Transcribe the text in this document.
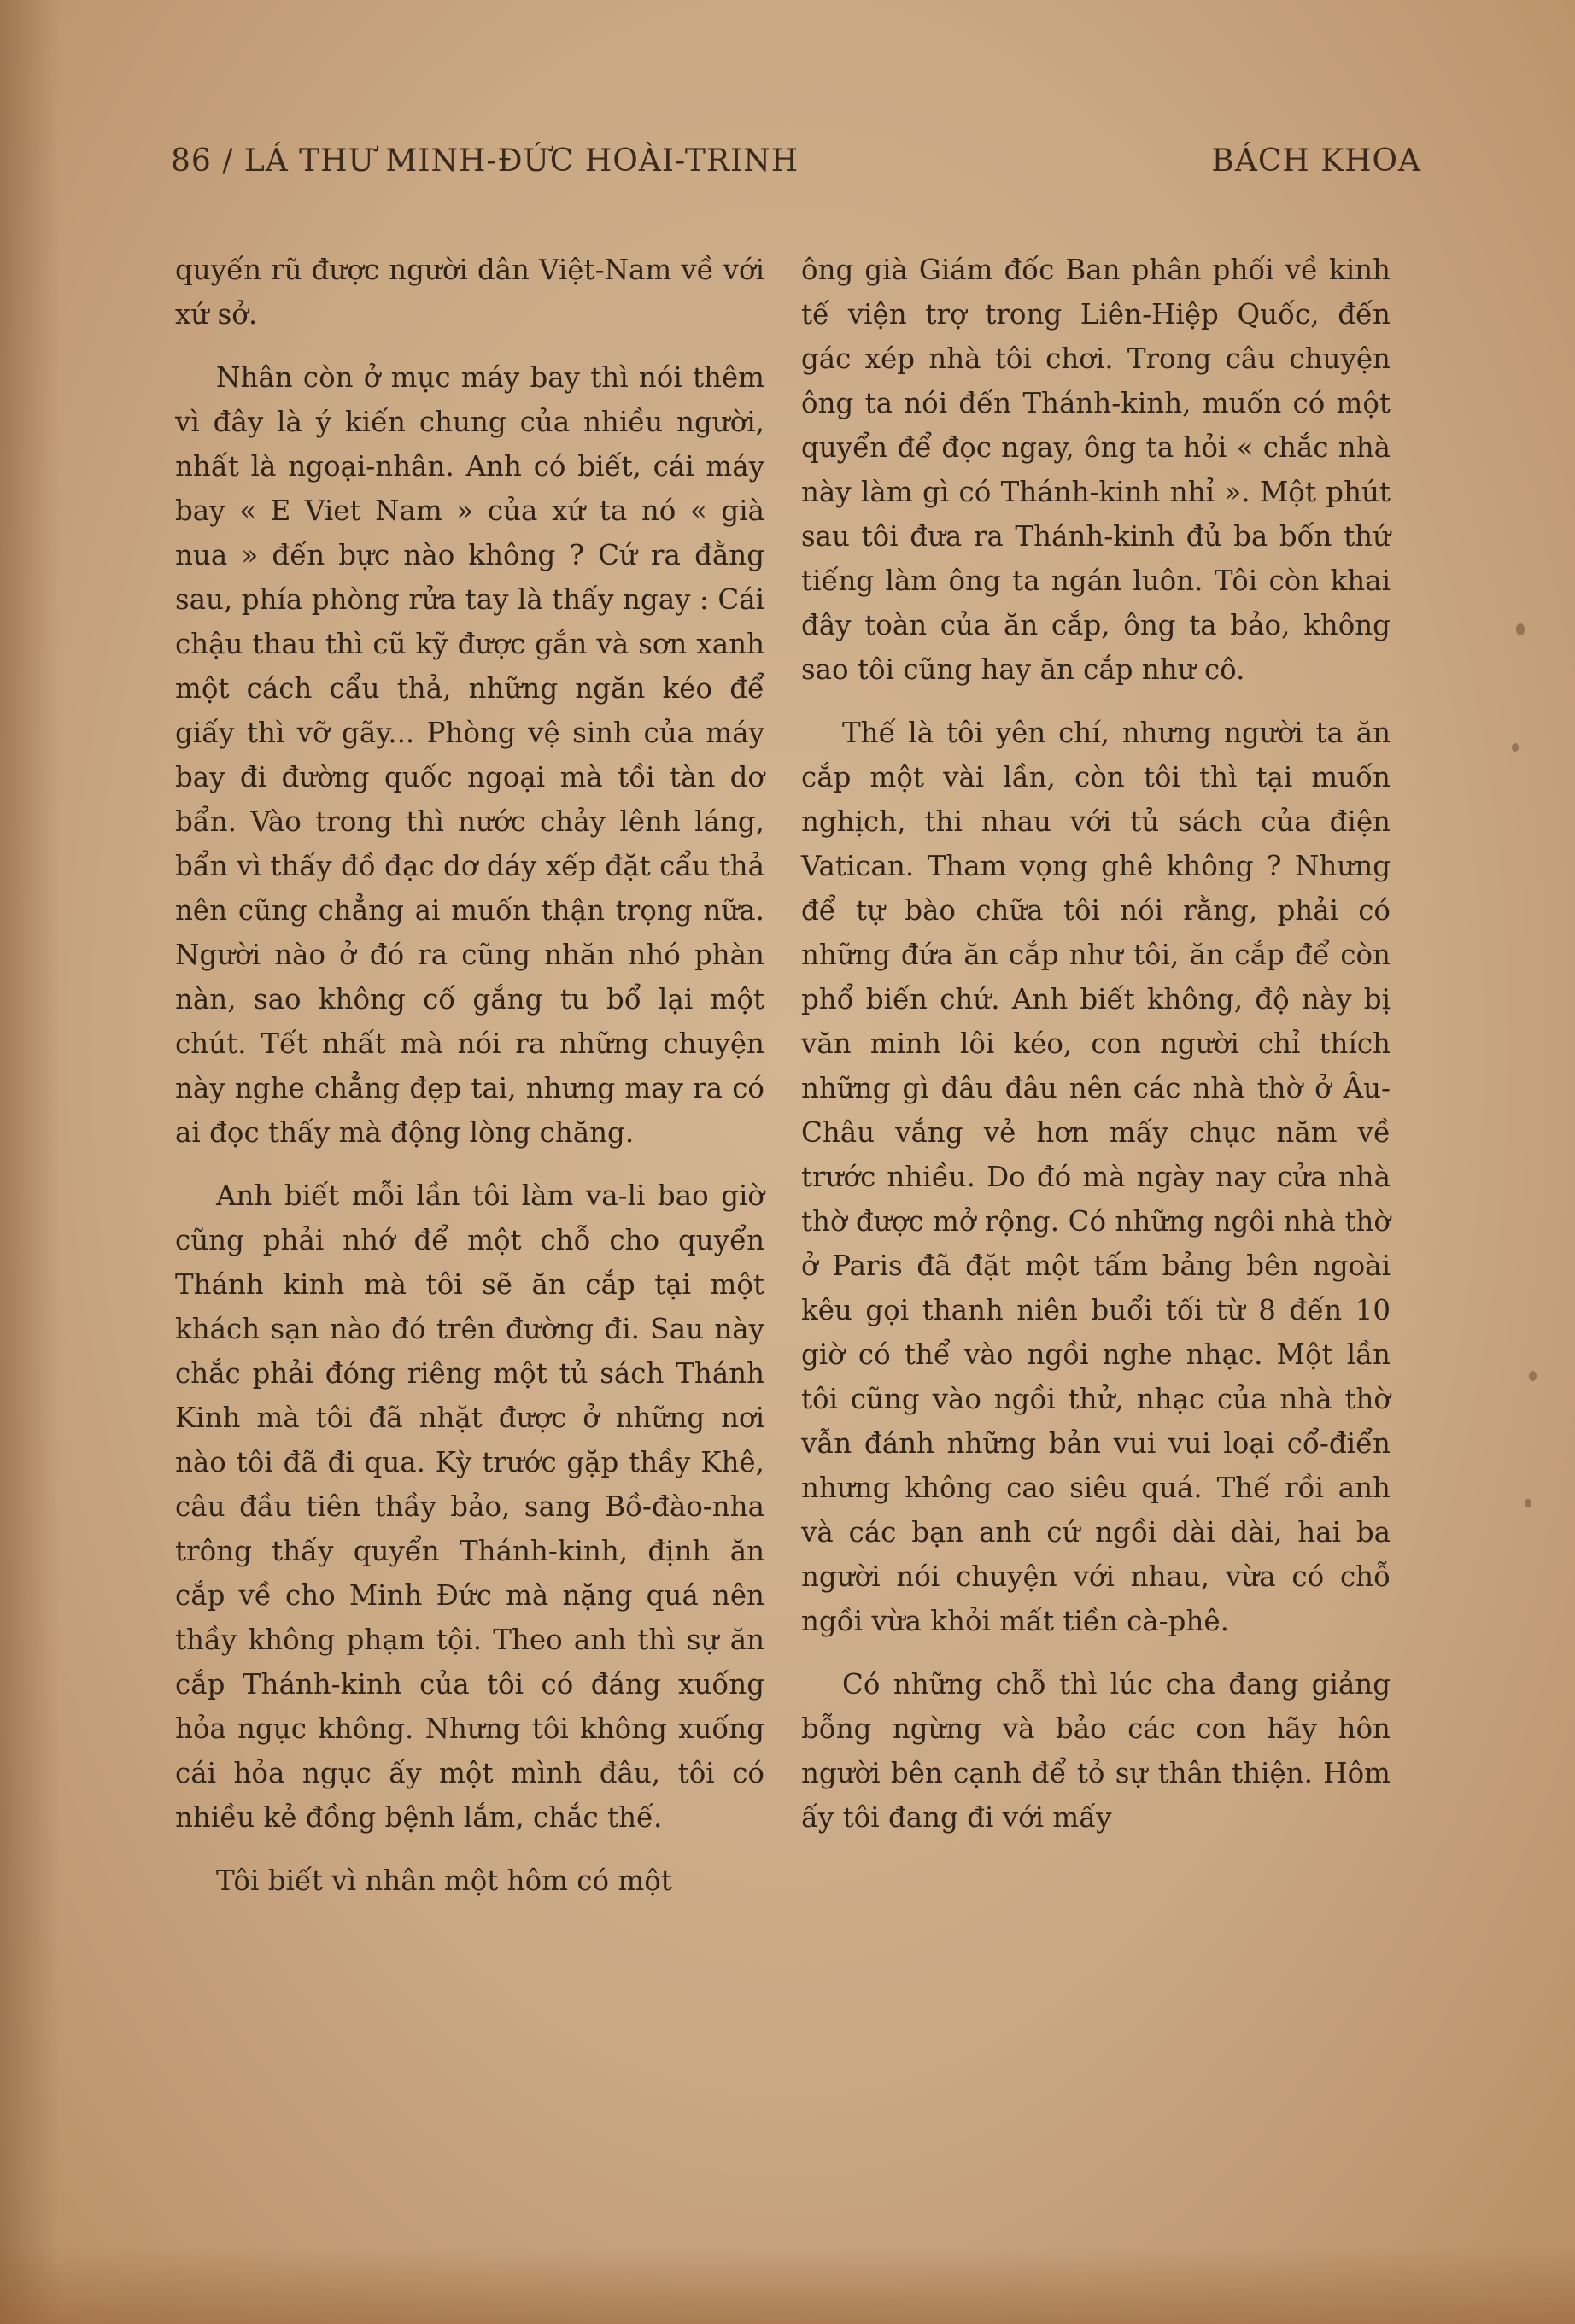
86 / LÁ THƯ MINH-ĐỨC HOÀI-TRINH	BÁCH KHOA

quyến rũ được người dân Việt-Nam về với xứ sở.

Nhân còn ở mục máy bay thì nói thêm vì đây là ý kiến chung của nhiều người, nhất là ngoại-nhân. Anh có biết, cái máy bay « E Viet Nam » của xứ ta nó « già nua » đến bực nào không ? Cứ ra đằng sau, phía phòng rửa tay là thấy ngay : Cái chậu thau thì cũ kỹ được gắn và sơn xanh một cách cẩu thả, những ngăn kéo để giấy thì vỡ gãy... Phòng vệ sinh của máy bay đi đường quốc ngoại mà tồi tàn dơ bẩn. Vào trong thì nước chảy lênh láng, bẩn vì thấy đồ đạc dơ dáy xếp đặt cẩu thả nên cũng chẳng ai muốn thận trọng nữa. Người nào ở đó ra cũng nhăn nhó phàn nàn, sao không cố gắng tu bổ lại một chút. Tết nhất mà nói ra những chuyện này nghe chẳng đẹp tai, nhưng may ra có ai đọc thấy mà động lòng chăng.

Anh biết mỗi lần tôi làm va-li bao giờ cũng phải nhớ để một chỗ cho quyển Thánh kinh mà tôi sẽ ăn cắp tại một khách sạn nào đó trên đường đi. Sau này chắc phải đóng riêng một tủ sách Thánh Kinh mà tôi đã nhặt được ở những nơi nào tôi đã đi qua. Kỳ trước gặp thầy Khê, câu đầu tiên thầy bảo, sang Bồ-đào-nha trông thấy quyển Thánh-kinh, định ăn cắp về cho Minh Đức mà nặng quá nên thầy không phạm tội. Theo anh thì sự ăn cắp Thánh-kinh của tôi có đáng xuống hỏa ngục không. Nhưng tôi không xuống cái hỏa ngục ấy một mình đâu, tôi có nhiều kẻ đồng bệnh lắm, chắc thế.

Tôi biết vì nhân một hôm có một

ông già Giám đốc Ban phân phối về kinh tế viện trợ trong Liên-Hiệp Quốc, đến gác xép nhà tôi chơi. Trong câu chuyện ông ta nói đến Thánh-kinh, muốn có một quyển để đọc ngay, ông ta hỏi « chắc nhà này làm gì có Thánh-kinh nhỉ ». Một phút sau tôi đưa ra Thánh-kinh đủ ba bốn thứ tiếng làm ông ta ngán luôn. Tôi còn khai đây toàn của ăn cắp, ông ta bảo, không sao tôi cũng hay ăn cắp như cô.

Thế là tôi yên chí, nhưng người ta ăn cắp một vài lần, còn tôi thì tại muốn nghịch, thi nhau với tủ sách của điện Vatican. Tham vọng ghê không ? Nhưng để tự bào chữa tôi nói rằng, phải có những đứa ăn cắp như tôi, ăn cắp để còn phổ biến chứ. Anh biết không, độ này bị văn minh lôi kéo, con người chỉ thích những gì đâu đâu nên các nhà thờ ở Âu-Châu vắng vẻ hơn mấy chục năm về trước nhiều. Do đó mà ngày nay cửa nhà thờ được mở rộng. Có những ngôi nhà thờ ở Paris đã đặt một tấm bảng bên ngoài kêu gọi thanh niên buổi tối từ 8 đến 10 giờ có thể vào ngồi nghe nhạc. Một lần tôi cũng vào ngồi thử, nhạc của nhà thờ vẫn đánh những bản vui vui loại cổ-điển nhưng không cao siêu quá. Thế rồi anh và các bạn anh cứ ngồi dài dài, hai ba người nói chuyện với nhau, vừa có chỗ ngồi vừa khỏi mất tiền cà-phê.

Có những chỗ thì lúc cha đang giảng bỗng ngừng và bảo các con hãy hôn người bên cạnh để tỏ sự thân thiện. Hôm ấy tôi đang đi với mấy
